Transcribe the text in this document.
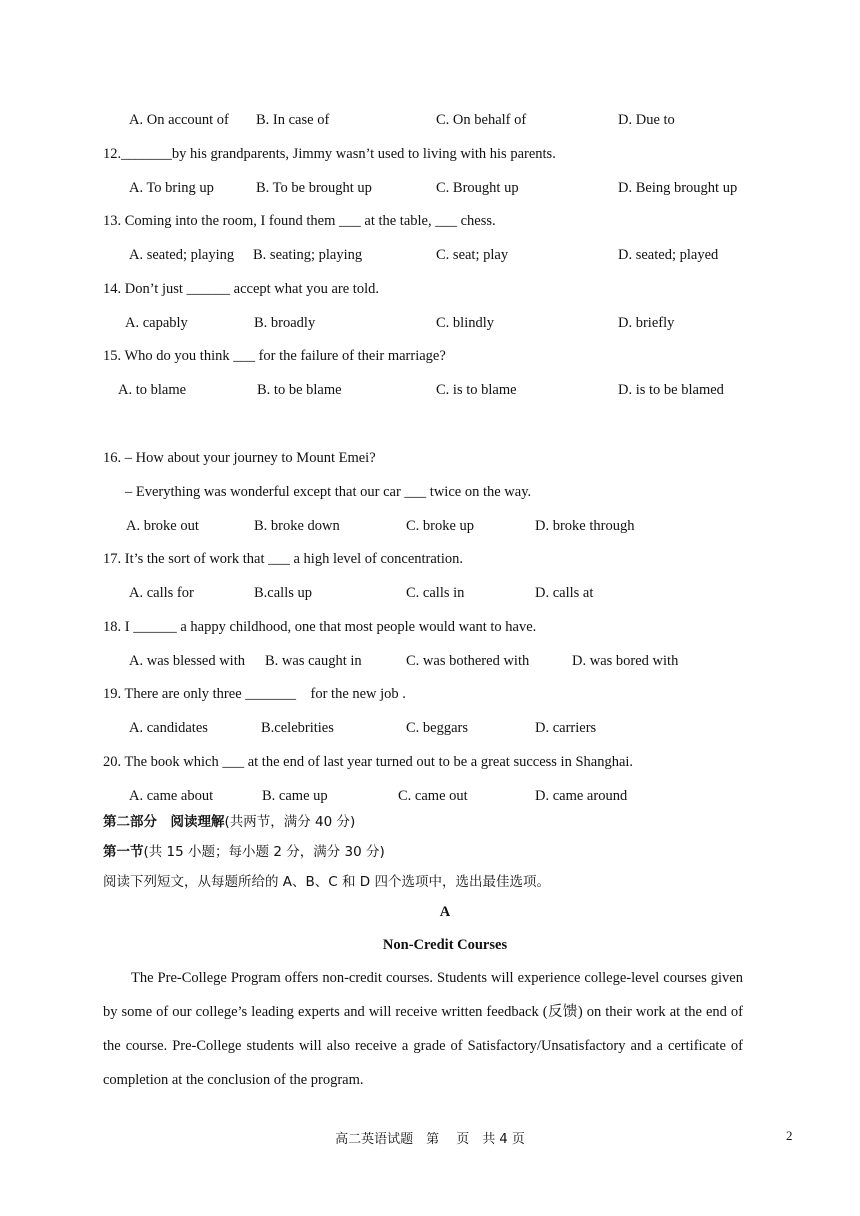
A. On account of B. In case of	C. On behalf of	D. Due to
12._______by his grandparents, Jimmy wasn’t used to living with his parents.
A. To bring up	B. To be brought up	C. Brought up	D. Being brought up
13. Coming into the room, I found them ___ at the table, ___ chess.
A. seated; playing B. seating; playing	C. seat; play	D. seated; played
14. Don’t just ______ accept what you are told.
A. capably	B. broadly	C. blindly	D. briefly
15. Who do you think ___ for the failure of their marriage?
A. to blame	B. to be blame	C. is to blame	D. is to be blamed
16. – How about your journey to Mount Emei?
– Everything was wonderful except that our car ___ twice on the way.
A. broke out	B. broke down	C. broke up	D. broke through
17. It’s the sort of work that ___ a high level of concentration.
A. calls for	B.calls up	C. calls in	D. calls at
18. I ______ a happy childhood, one that most people would want to have.
A. was blessed with B. was caught in	C. was bothered with	D. was bored with
19. There are only three _______    for the new job .
A. candidates	B.celebrities	C. beggars	D. carriers
20. The book which ___ at the end of last year turned out to be a great success in Shanghai.
A. came about	B. came up	C. came out	D. came around
第二部分　阅读理解(共两节，满分 40 分)
第一节(共 15 小题；每小题 2 分，满分 30 分)
阅读下列短文，从每题所给的 A、B、C 和 D 四个选项中，选出最佳选项。
A
Non-Credit Courses
The Pre-College Program offers non-credit courses. Students will experience college-level courses given by some of our college’s leading experts and will receive written feedback (反馈) on their work at the end of the course. Pre-College students will also receive a grade of Satisfactory/Unsatisfactory and a certificate of completion at the conclusion of the program.
高二英语试题　第　 页　共 4 页	2
